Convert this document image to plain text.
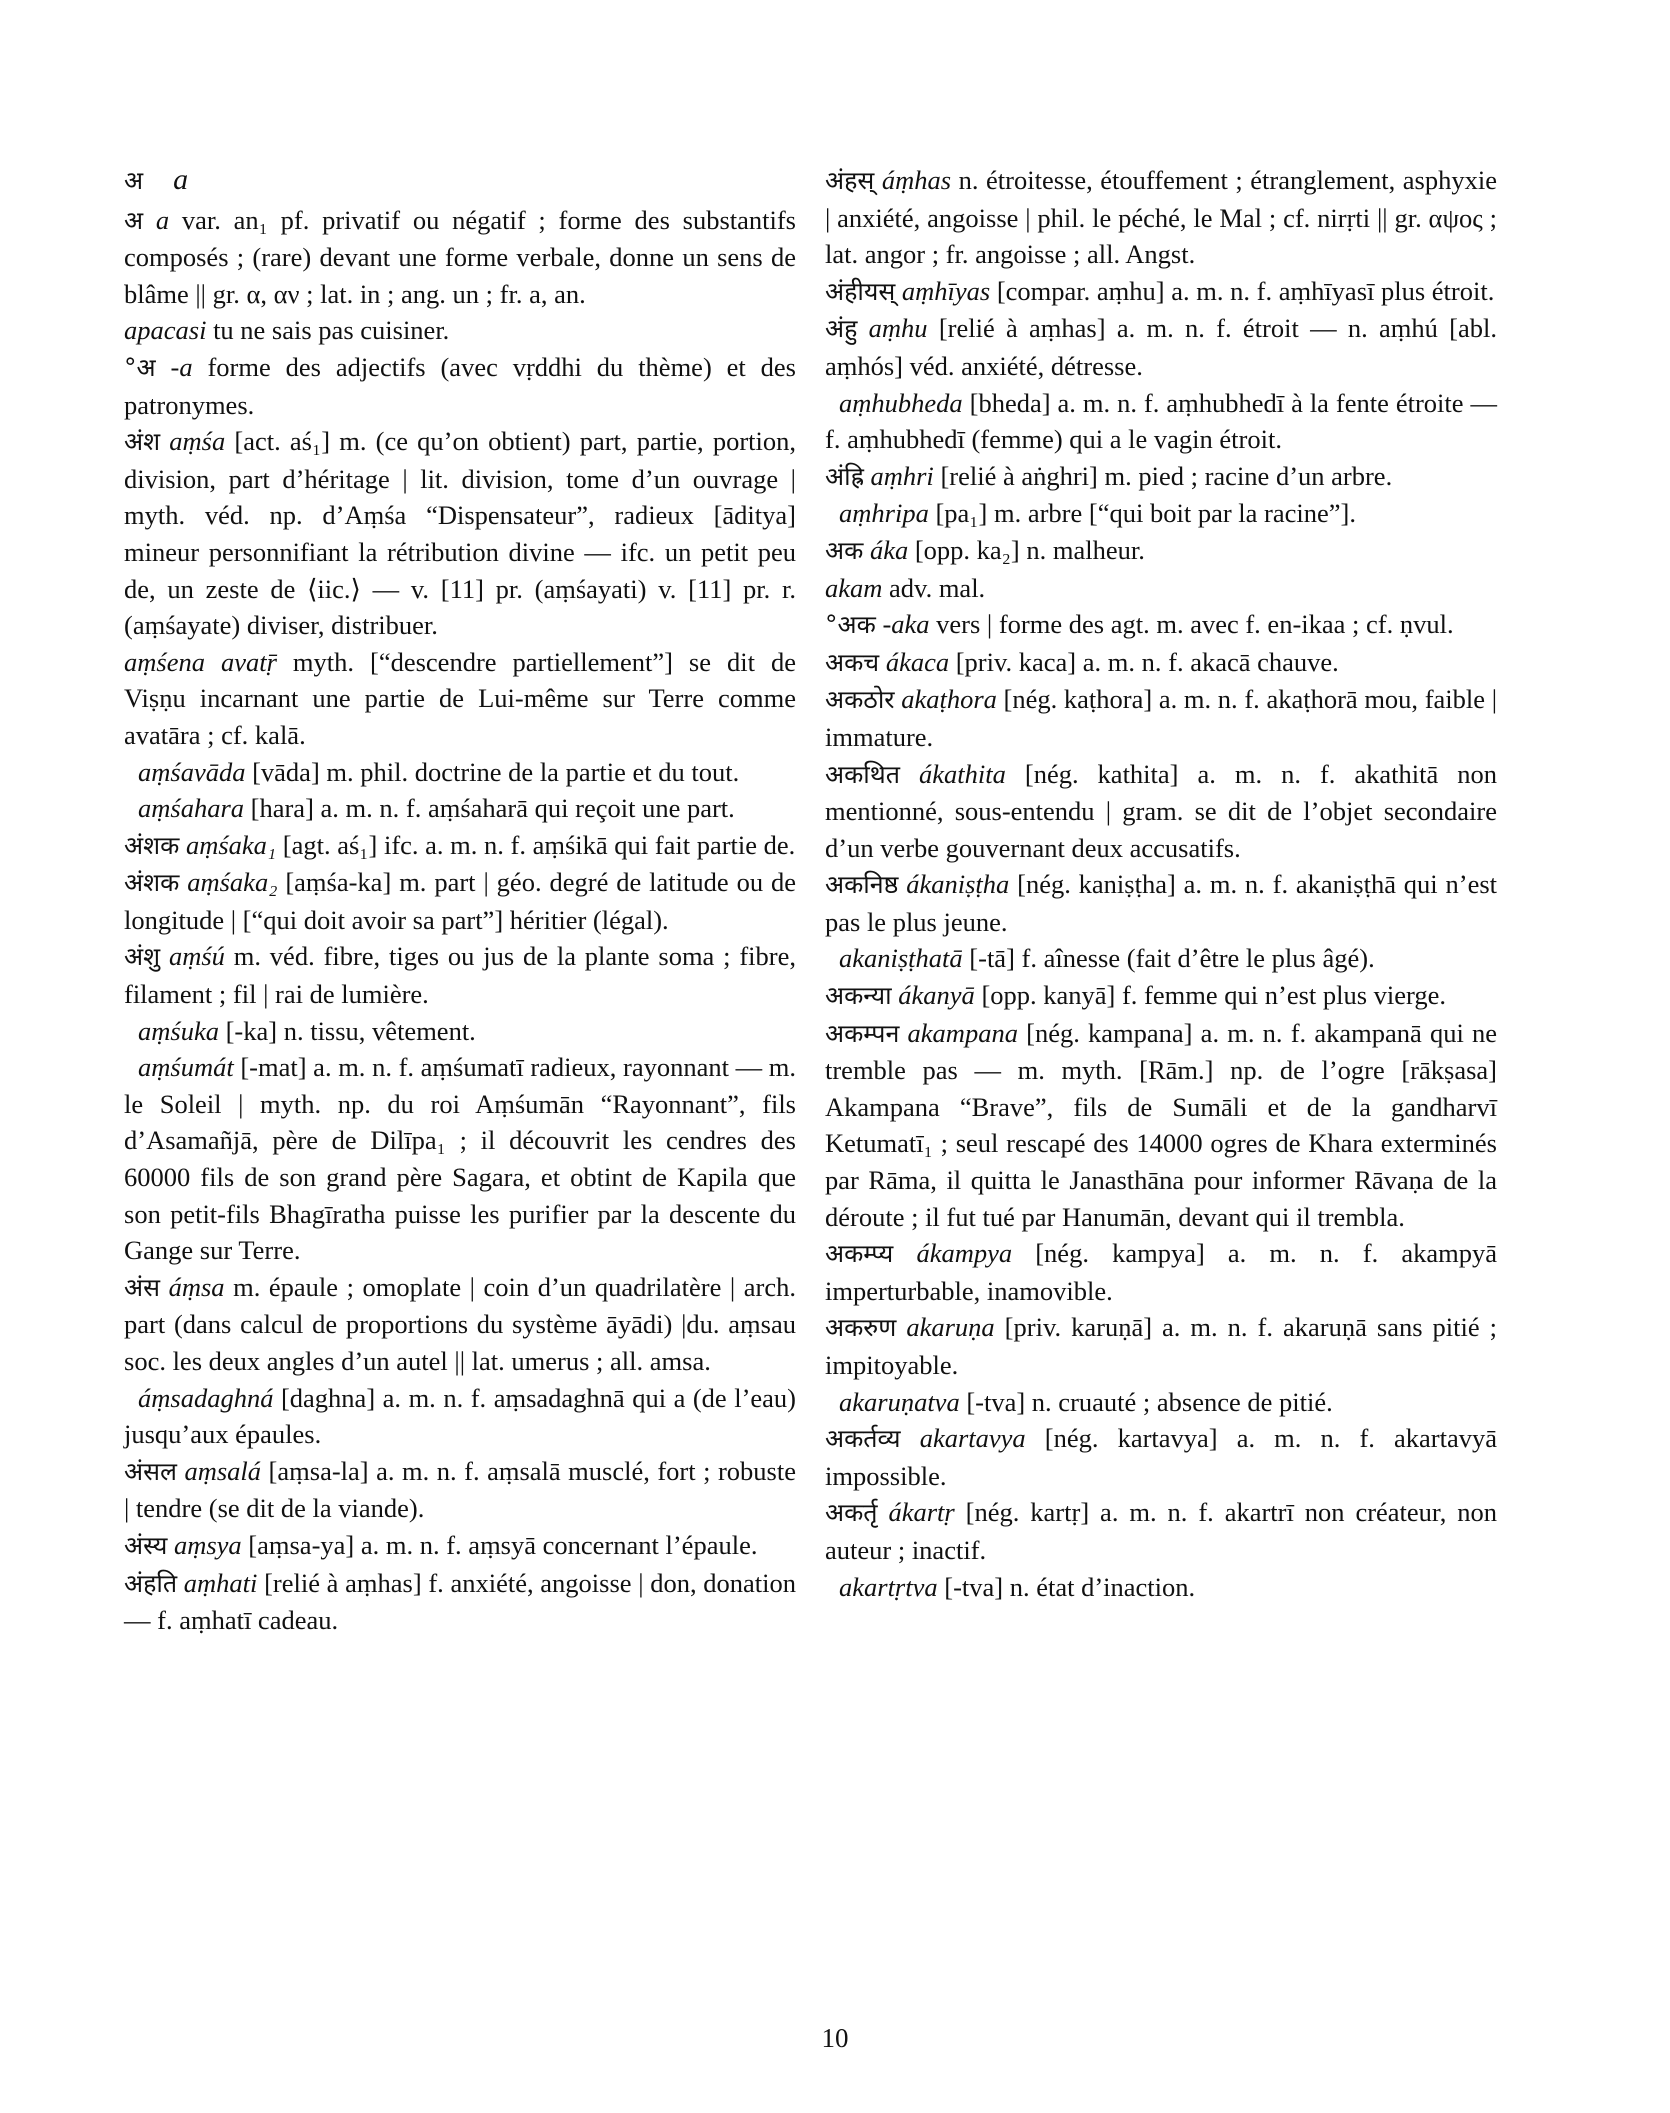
अ a

अ a var. an₁ pf. privatif ou négatif ; forme des substantifs composés ; (rare) devant une forme verbale, donne un sens de blâme || gr. α, αν ; lat. in ; ang. un ; fr. a, an.

apacasi tu ne sais pas cuisiner.

°अ -a forme des adjectifs (avec vṛddhi du thème) et des patronymes.

अंश aṃśa [act. aś₁] m. (ce qu’on obtient) part, partie, portion, division, part d’héritage | lit. division, tome d’un ouvrage | myth. véd. np. d’Aṃśa “Dispensateur”, radieux [āditya] mineur personnifiant la rétribution divine — ifc. un petit peu de, un zeste de ⟨iic.⟩ — v. [11] pr. (aṃśayati) v. [11] pr. r. (aṃśayate) diviser, distribuer.

aṃśena avatṝ myth. [“descendre partiellement”] se dit de Viṣṇu incarnant une partie de Lui-même sur Terre comme avatāra ; cf. kalā.

aṃśavāda [vāda] m. phil. doctrine de la partie et du tout.

aṃśahara [hara] a. m. n. f. aṃśaharā qui reçoit une part.

अंशक aṃśaka₁ [agt. aś₁] ifc. a. m. n. f. aṃśikā qui fait partie de.

अंशक aṃśaka₂ [aṃśa-ka] m. part | géo. degré de latitude ou de longitude | [“qui doit avoir sa part”] héritier (légal).

अंशु aṃśú m. véd. fibre, tiges ou jus de la plante soma ; fibre, filament ; fil | rai de lumière.

aṃśuka [-ka] n. tissu, vêtement.

aṃśumát [-mat] a. m. n. f. aṃśumatī radieux, rayonnant — m. le Soleil | myth. np. du roi Aṃśumān “Rayonnant”, fils d’Asamañjā, père de Dilīpa₁ ; il découvrit les cendres des 60000 fils de son grand père Sagara, et obtint de Kapila que son petit-fils Bhagīratha puisse les purifier par la descente du Gange sur Terre.

अंस áṃsa m. épaule ; omoplate | coin d’un quadrilatère | arch. part (dans calcul de proportions du système āyādi) |du. aṃsau soc. les deux angles d’un autel || lat. umerus ; all. amsa.

áṃsadaghná [daghna] a. m. n. f. aṃsadaghnā qui a (de l’eau) jusqu’aux épaules.

अंसल aṃsalá [aṃsa-la] a. m. n. f. aṃsalā musclé, fort ; robuste | tendre (se dit de la viande).

अंस्य aṃsya [aṃsa-ya] a. m. n. f. aṃsyā concernant l’épaule.

अंहति aṃhati [relié à aṃhas] f. anxiété, angoisse | don, donation — f. aṃhatī cadeau.

अंहस् áṃhas n. étroitesse, étouffement ; étranglement, asphyxie | anxiété, angoisse | phil. le péché, le Mal ; cf. nirṛti || gr. αψος ; lat. angor ; fr. angoisse ; all. Angst.

अंहीयस् aṃhīyas [compar. aṃhu] a. m. n. f. aṃhīyasī plus étroit.

अंहु aṃhu [relié à aṃhas] a. m. n. f. étroit — n. aṃhú [abl. aṃhós] véd. anxiété, détresse.

aṃhubheda [bheda] a. m. n. f. aṃhubhedī à la fente étroite — f. aṃhubhedī (femme) qui a le vagin étroit.

अंह्रि aṃhri [relié à aṅghri] m. pied ; racine d’un arbre.

aṃhripa [pa₁] m. arbre [“qui boit par la racine”].

अक áka [opp. ka₂] n. malheur.

akam adv. mal.

°अक -aka vers | forme des agt. m. avec f. en-ikaa ; cf. ṇvul.

अकच ákaca [priv. kaca] a. m. n. f. akacā chauve.

अकठोर akaṭhora [nég. kaṭhora] a. m. n. f. akaṭhorā mou, faible | immature.

अकथित ákathita [nég. kathita] a. m. n. f. akathitā non mentionné, sous-entendu | gram. se dit de l’objet secondaire d’un verbe gouvernant deux accusatifs.

अकनिष्ठ ákaniṣṭha [nég. kaniṣṭha] a. m. n. f. akaniṣṭhā qui n’est pas le plus jeune.

akaniṣṭhatā [-tā] f. aînesse (fait d’être le plus âgé).

अकन्या ákanyā [opp. kanyā] f. femme qui n’est plus vierge.

अकम्पन akampana [nég. kampana] a. m. n. f. akampanā qui ne tremble pas — m. myth. [Rām.] np. de l’ogre [rākṣasa] Akampana “Brave”, fils de Sumāli et de la gandharvī Ketumatī₁ ; seul rescapé des 14000 ogres de Khara exterminés par Rāma, il quitta le Janasthāna pour informer Rāvaṇa de la déroute ; il fut tué par Hanumān, devant qui il trembla.

अकम्प्य ákampya [nég. kampya] a. m. n. f. akampyā imperturbable, inamovible.

अकरुण akaruṇa [priv. karuṇā] a. m. n. f. akaruṇā sans pitié ; impitoyable.

akaruṇatva [-tva] n. cruauté ; absence de pitié.

अकर्तव्य akartavya [nég. kartavya] a. m. n. f. akartavyā impossible.

अकर्तृ ákartṛ [nég. kartṛ] a. m. n. f. akartrī non créateur, non auteur ; inactif.

akartṛtva [-tva] n. état d’inaction.

10
